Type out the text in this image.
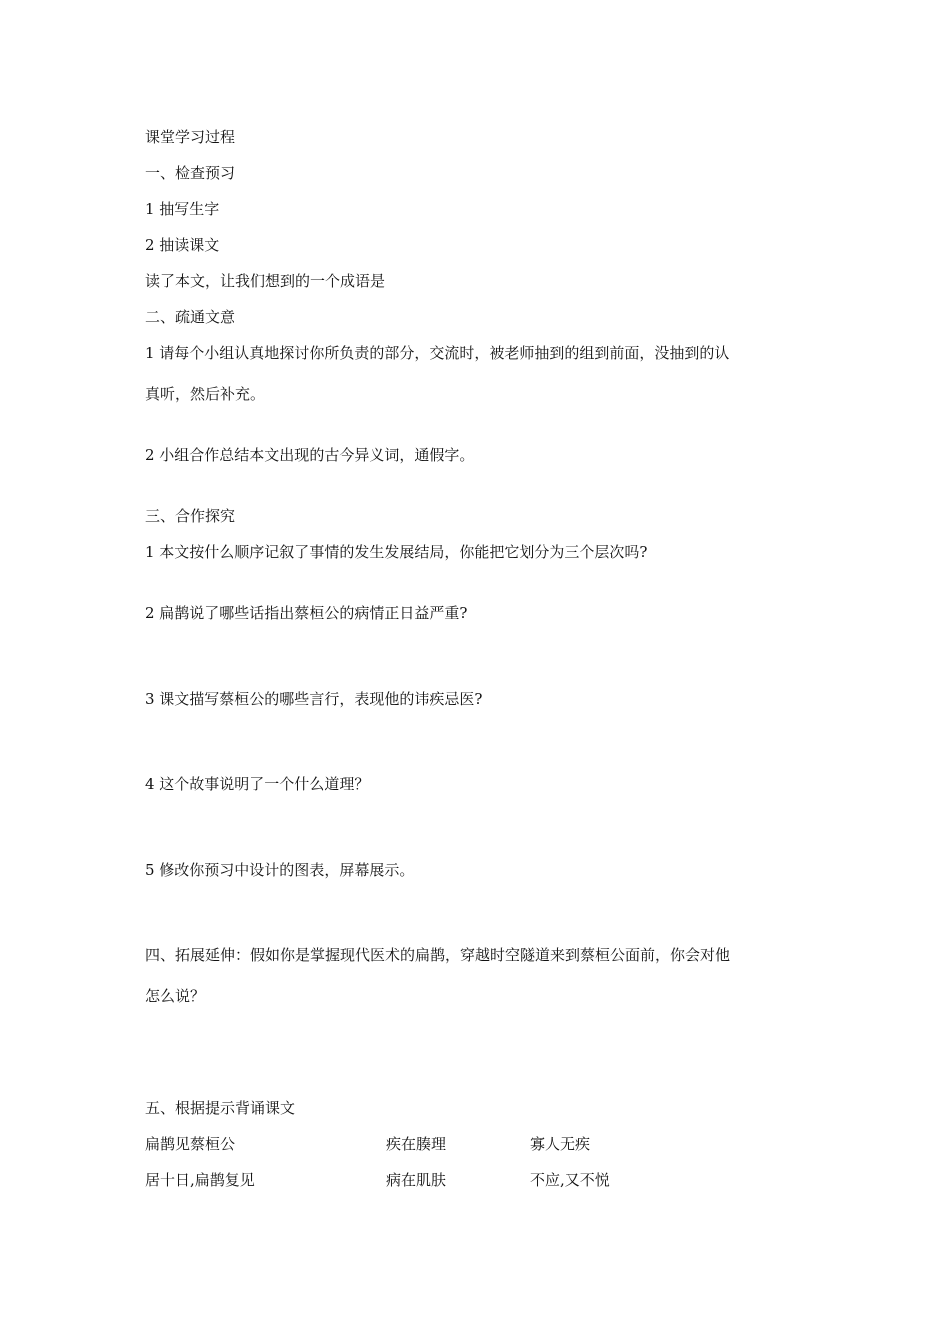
课堂学习过程
一、检查预习
1 抽写生字
2 抽读课文
读了本文，让我们想到的一个成语是
二、疏通文意
1 请每个小组认真地探讨你所负责的部分，交流时，被老师抽到的组到前面，没抽到的认
真听，然后补充。
2 小组合作总结本文出现的古今异义词，通假字。
三、合作探究
1 本文按什么顺序记叙了事情的发生发展结局，你能把它划分为三个层次吗?
2 扁鹊说了哪些话指出蔡桓公的病情正日益严重?
3 课文描写蔡桓公的哪些言行，表现他的讳疾忌医?
4 这个故事说明了一个什么道理？
5 修改你预习中设计的图表，屏幕展示。
四、拓展延伸：假如你是掌握现代医术的扁鹊，穿越时空隧道来到蔡桓公面前，你会对他
怎么说？
五、根据提示背诵课文
扁鹊见蔡桓公	疾在腠理	寡人无疾
居十日,扁鹊复见	病在肌肤	不应,又不悦
